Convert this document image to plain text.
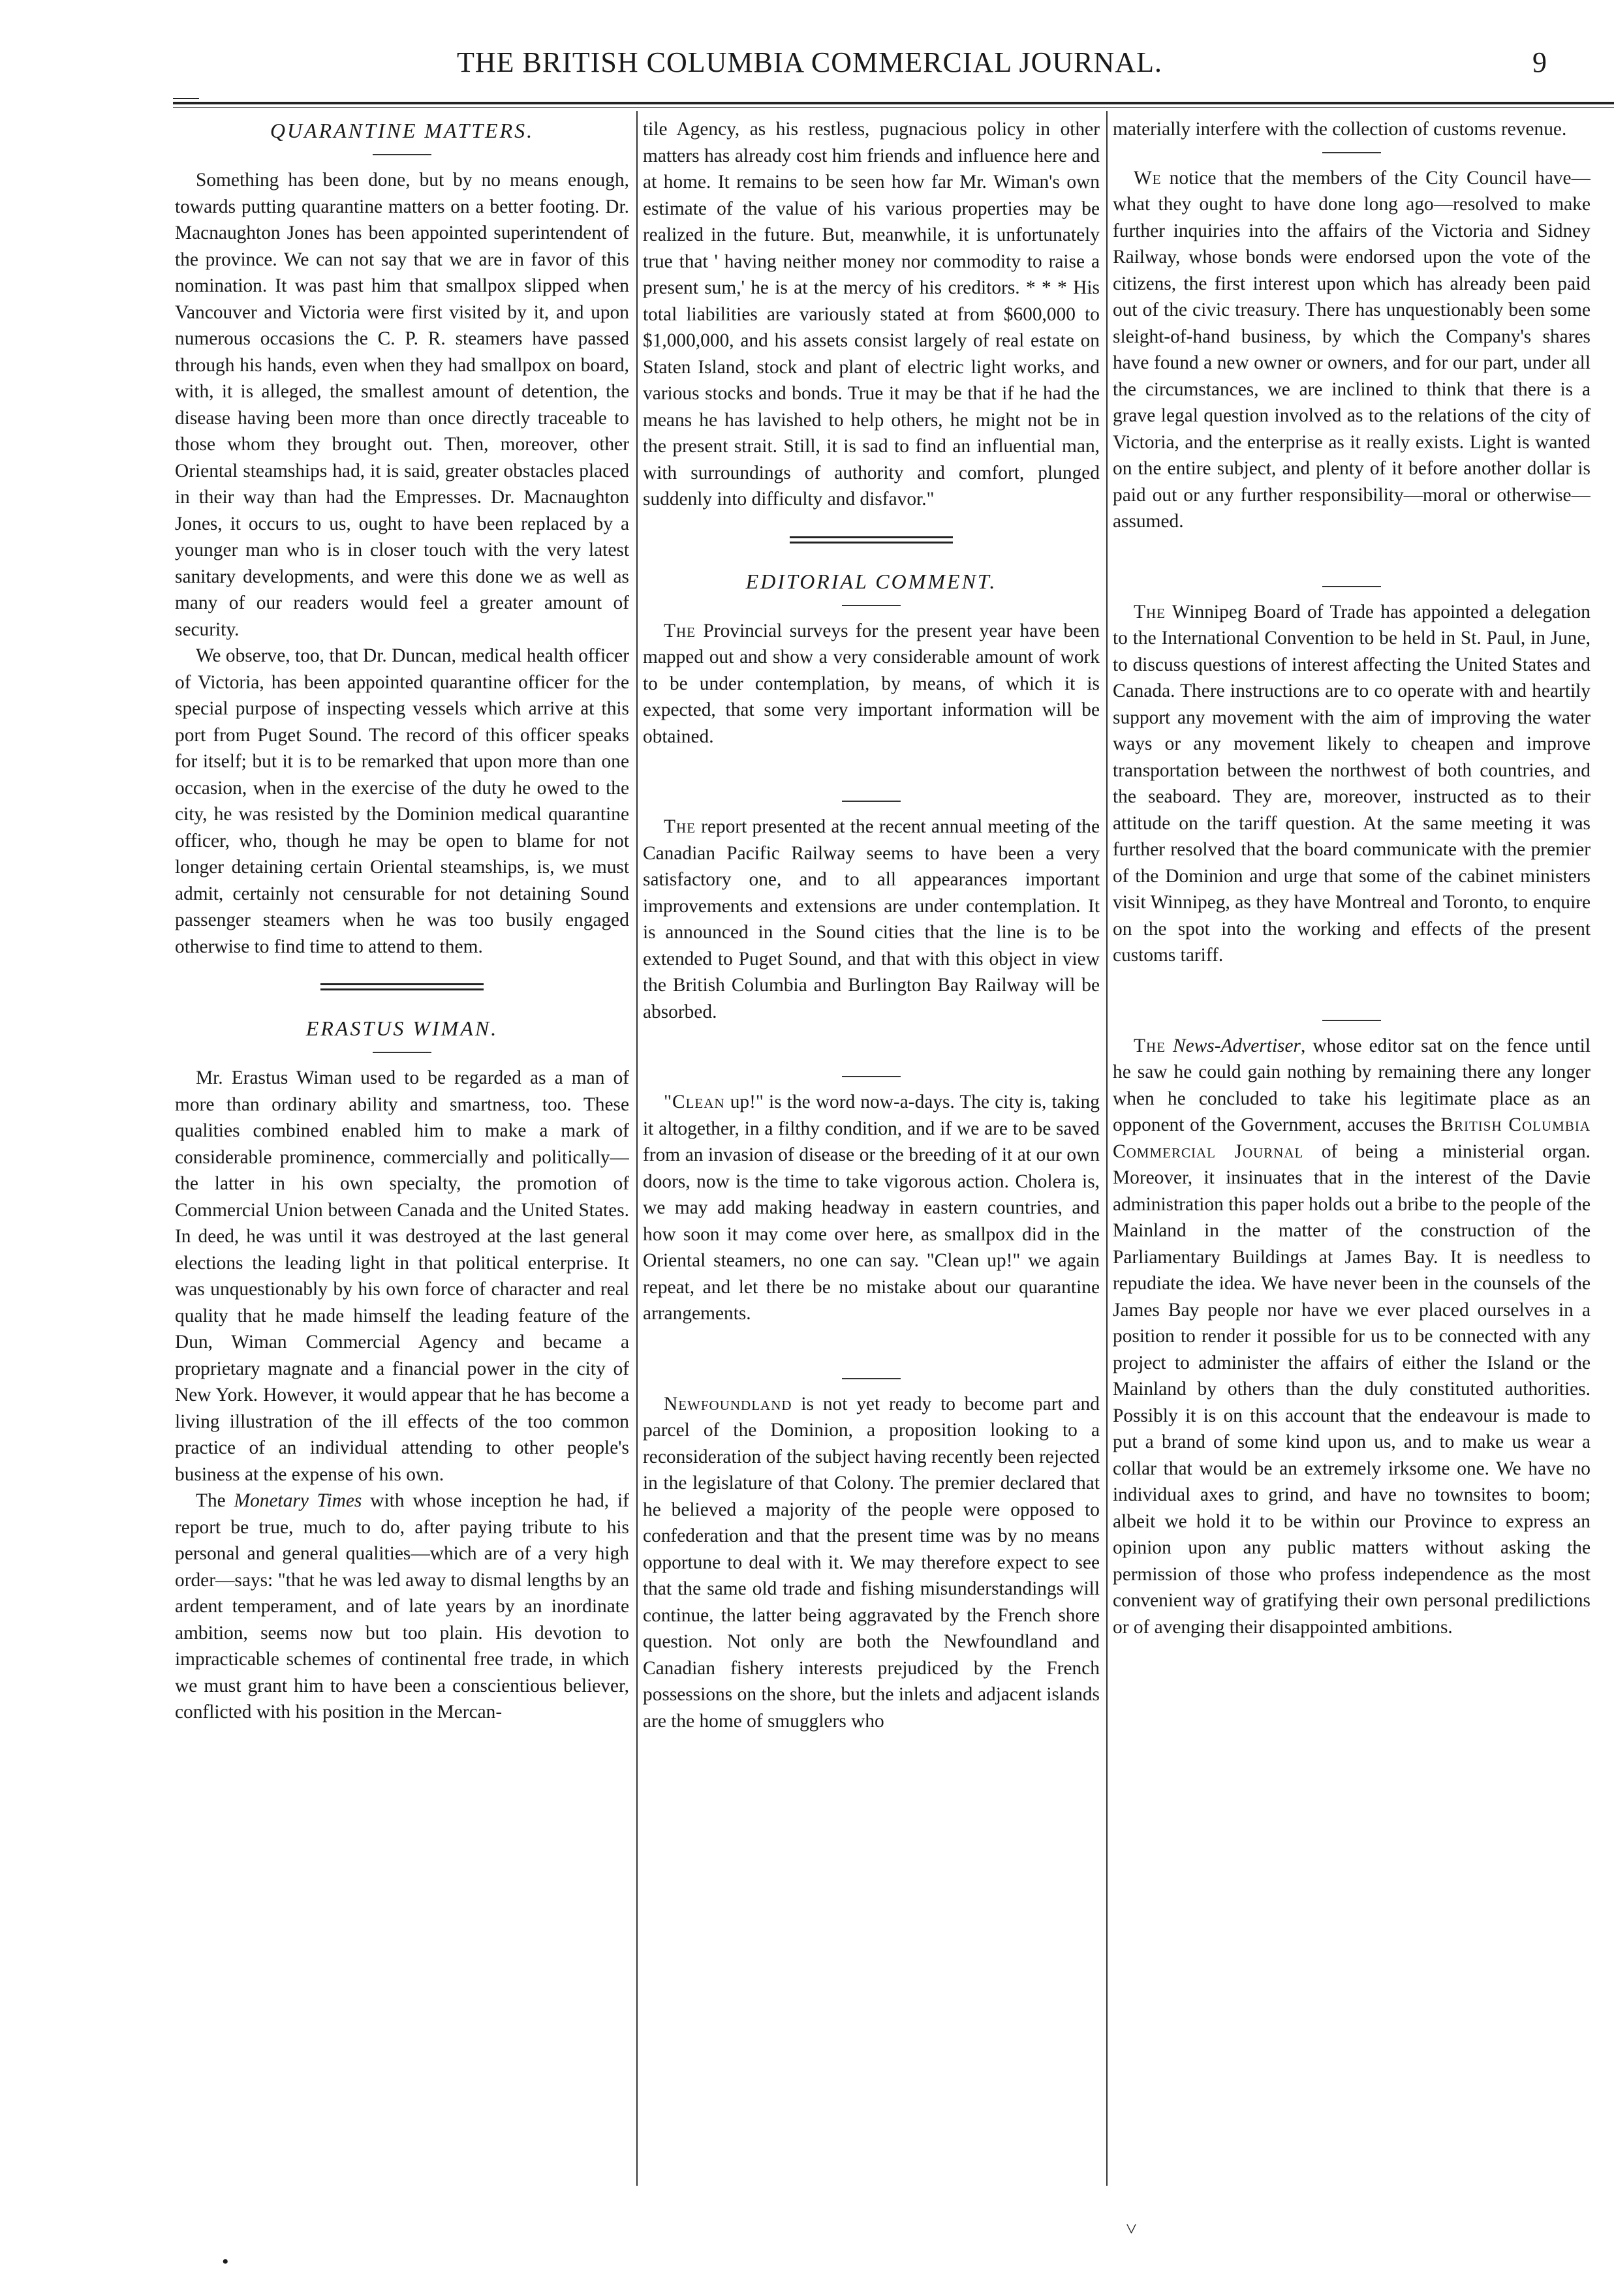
THE BRITISH COLUMBIA COMMERCIAL JOURNAL.	9
QUARANTINE MATTERS.

Something has been done, but by no means enough, towards putting quarantine matters on a better footing. Dr. Macnaughton Jones has been appointed superintendent of the province. We can not say that we are in favor of this nomination. It was past him that smallpox slipped when Vancouver and Victoria were first visited by it, and upon numerous occasions the C. P. R. steamers have passed through his hands, even when they had smallpox on board, with, it is alleged, the smallest amount of detention, the disease having been more than once directly traceable to those whom they brought out. Then, moreover, other Oriental steamships had, it is said, greater obstacles placed in their way than had the Empresses. Dr. Macnaughton Jones, it occurs to us, ought to have been replaced by a younger man who is in closer touch with the very latest sanitary developments, and were this done we as well as many of our readers would feel a greater amount of security.

We observe, too, that Dr. Duncan, medical health officer of Victoria, has been appointed quarantine officer for the special purpose of inspecting vessels which arrive at this port from Puget Sound. The record of this officer speaks for itself; but it is to be remarked that upon more than one occasion, when in the exercise of the duty he owed to the city, he was resisted by the Dominion medical quarantine officer, who, though he may be open to blame for not longer detaining certain Oriental steamships, is, we must admit, certainly not censurable for not detaining Sound passenger steamers when he was too busily engaged otherwise to find time to attend to them.

ERASTUS WIMAN.

Mr. Erastus Wiman used to be regarded as a man of more than ordinary ability and smartness, too. These qualities combined enabled him to make a mark of considerable prominence, commercially and politically—the latter in his own specialty, the promotion of Commercial Union between Canada and the United States. In deed, he was until it was destroyed at the last general elections the leading light in that political enterprise. It was unquestionably by his own force of character and real quality that he made himself the leading feature of the Dun, Wiman Commercial Agency and became a proprietary magnate and a financial power in the city of New York. However, it would appear that he has become a living illustration of the ill effects of the too common practice of an individual attending to other people's business at the expense of his own.

The Monetary Times with whose inception he had, if report be true, much to do, after paying tribute to his personal and general qualities—which are of a very high order—says: "that he was led away to dismal lengths by an ardent temperament, and of late years by an inordinate ambition, seems now but too plain. His devotion to impracticable schemes of continental free trade, in which we must grant him to have been a conscientious believer, conflicted with his position in the Mercan-

tile Agency, as his restless, pugnacious policy in other matters has already cost him friends and influence here and at home. It remains to be seen how far Mr. Wiman's own estimate of the value of his various properties may be realized in the future. But, meanwhile, it is unfortunately true that ' having neither money nor commodity to raise a present sum,' he is at the mercy of his creditors. * * * His total liabilities are variously stated at from $600,000 to $1,000,000, and his assets consist largely of real estate on Staten Island, stock and plant of electric light works, and various stocks and bonds. True it may be that if he had the means he has lavished to help others, he might not be in the present strait. Still, it is sad to find an influential man, with surroundings of authority and comfort, plunged suddenly into difficulty and disfavor."

EDITORIAL COMMENT.

The Provincial surveys for the present year have been mapped out and show a very considerable amount of work to be under contemplation, by means, of which it is expected, that some very important information will be obtained.

The report presented at the recent annual meeting of the Canadian Pacific Railway seems to have been a very satisfactory one, and to all appearances important improvements and extensions are under contemplation. It is announced in the Sound cities that the line is to be extended to Puget Sound, and that with this object in view the British Columbia and Burlington Bay Railway will be absorbed.

"Clean up!" is the word now-a-days. The city is, taking it altogether, in a filthy condition, and if we are to be saved from an invasion of disease or the breeding of it at our own doors, now is the time to take vigorous action. Cholera is, we may add making headway in eastern countries, and how soon it may come over here, as smallpox did in the Oriental steamers, no one can say. "Clean up!" we again repeat, and let there be no mistake about our quarantine arrangements.

Newfoundland is not yet ready to become part and parcel of the Dominion, a proposition looking to a reconsideration of the subject having recently been rejected in the legislature of that Colony. The premier declared that he believed a majority of the people were opposed to confederation and that the present time was by no means opportune to deal with it. We may therefore expect to see that the same old trade and fishing misunderstandings will continue, the latter being aggravated by the French shore question. Not only are both the Newfoundland and Canadian fishery interests prejudiced by the French possessions on the shore, but the inlets and adjacent islands are the home of smugglers who

materially interfere with the collection of customs revenue.

We notice that the members of the City Council have—what they ought to have done long ago—resolved to make further inquiries into the affairs of the Victoria and Sidney Railway, whose bonds were endorsed upon the vote of the citizens, the first interest upon which has already been paid out of the civic treasury. There has unquestionably been some sleight-of-hand business, by which the Company's shares have found a new owner or owners, and for our part, under all the circumstances, we are inclined to think that there is a grave legal question involved as to the relations of the city of Victoria, and the enterprise as it really exists. Light is wanted on the entire subject, and plenty of it before another dollar is paid out or any further responsibility—moral or otherwise—assumed.

The Winnipeg Board of Trade has appointed a delegation to the International Convention to be held in St. Paul, in June, to discuss questions of interest affecting the United States and Canada. There instructions are to co operate with and heartily support any movement with the aim of improving the water ways or any movement likely to cheapen and improve transportation between the northwest of both countries, and the seaboard. They are, moreover, instructed as to their attitude on the tariff question. At the same meeting it was further resolved that the board communicate with the premier of the Dominion and urge that some of the cabinet ministers visit Winnipeg, as they have Montreal and Toronto, to enquire on the spot into the working and effects of the present customs tariff.

The News-Advertiser, whose editor sat on the fence until he saw he could gain nothing by remaining there any longer when he concluded to take his legitimate place as an opponent of the Government, accuses the British Columbia Commercial Journal of being a ministerial organ. Moreover, it insinuates that in the interest of the Davie administration this paper holds out a bribe to the people of the Mainland in the matter of the construction of the Parliamentary Buildings at James Bay. It is needless to repudiate the idea. We have never been in the counsels of the James Bay people nor have we ever placed ourselves in a position to render it possible for us to be connected with any project to administer the affairs of either the Island or the Mainland by others than the duly constituted authorities. Possibly it is on this account that the endeavour is made to put a brand of some kind upon us, and to make us wear a collar that would be an extremely irksome one. We have no individual axes to grind, and have no townsites to boom; albeit we hold it to be within our Province to express an opinion upon any public matters without asking the permission of those who profess independence as the most convenient way of gratifying their own personal predilictions or of avenging their disappointed ambitions.

•
˅
